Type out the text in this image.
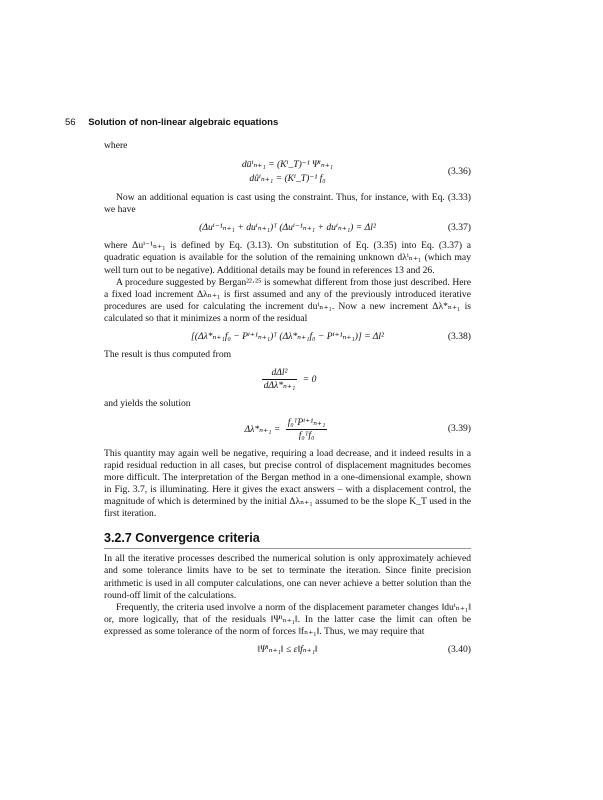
56 Solution of non-linear algebraic equations

where

dūⁱₙ₊₁ = (Kⁱ_T)⁻¹ Ψⁱₙ₊₁
dûⁱₙ₊₁ = (Kⁱ_T)⁻¹ f₀
(3.36)

Now an additional equation is cast using the constraint. Thus, for instance, with Eq. (3.33) we have

(Δuⁱ⁻¹ₙ₊₁ + duⁱₙ₊₁)ᵀ (Δuⁱ⁻¹ₙ₊₁ + duⁱₙ₊₁) = Δl²	(3.37)

where Δuⁱ⁻¹ₙ₊₁ is defined by Eq. (3.13). On substitution of Eq. (3.35) into Eq. (3.37) a quadratic equation is available for the solution of the remaining unknown dλⁱₙ₊₁ (which may well turn out to be negative). Additional details may be found in references 13 and 26.

A procedure suggested by Bergan²²·²⁵ is somewhat different from those just described. Here a fixed load increment Δλₙ₊₁ is first assumed and any of the previously introduced iterative procedures are used for calculating the increment duⁱₙ₊₁. Now a new increment Δλ*ₙ₊₁ is calculated so that it minimizes a norm of the residual

[(Δλ*ₙ₊₁f₀ − Pⁱ⁺¹ₙ₊₁)ᵀ (Δλ*ₙ₊₁f₀ − Pⁱ⁺¹ₙ₊₁)] = Δl²	(3.38)

The result is thus computed from

$\frac{\text{dΔl²}}{\text{dΔλ*ₙ₊₁}} = 0$

and yields the solution

$\Delta\lambda*_{n+1} = \frac{\text{f₀ᵀPⁱ⁺¹ₙ₊₁}}{\text{f₀ᵀf₀}}$	(3.39)

This quantity may again well be negative, requiring a load decrease, and it indeed results in a rapid residual reduction in all cases, but precise control of displacement magnitudes becomes more difficult. The interpretation of the Bergan method in a one-dimensional example, shown in Fig. 3.7, is illuminating. Here it gives the exact answers – with a displacement control, the magnitude of which is determined by the initial Δλₙ₊₁ assumed to be the slope K_T used in the first iteration.

3.2.7 Convergence criteria

In all the iterative processes described the numerical solution is only approximately achieved and some tolerance limits have to be set to terminate the iteration. Since finite precision arithmetic is used in all computer calculations, one can never achieve a better solution than the round-off limit of the calculations.

Frequently, the criteria used involve a norm of the displacement parameter changes ‖duⁱₙ₊₁‖ or, more logically, that of the residuals ‖Ψⁱₙ₊₁‖. In the latter case the limit can often be expressed as some tolerance of the norm of forces ‖fₙ₊₁‖. Thus, we may require that

‖Ψⁱₙ₊₁‖ ≤ ε‖fₙ₊₁‖	(3.40)
